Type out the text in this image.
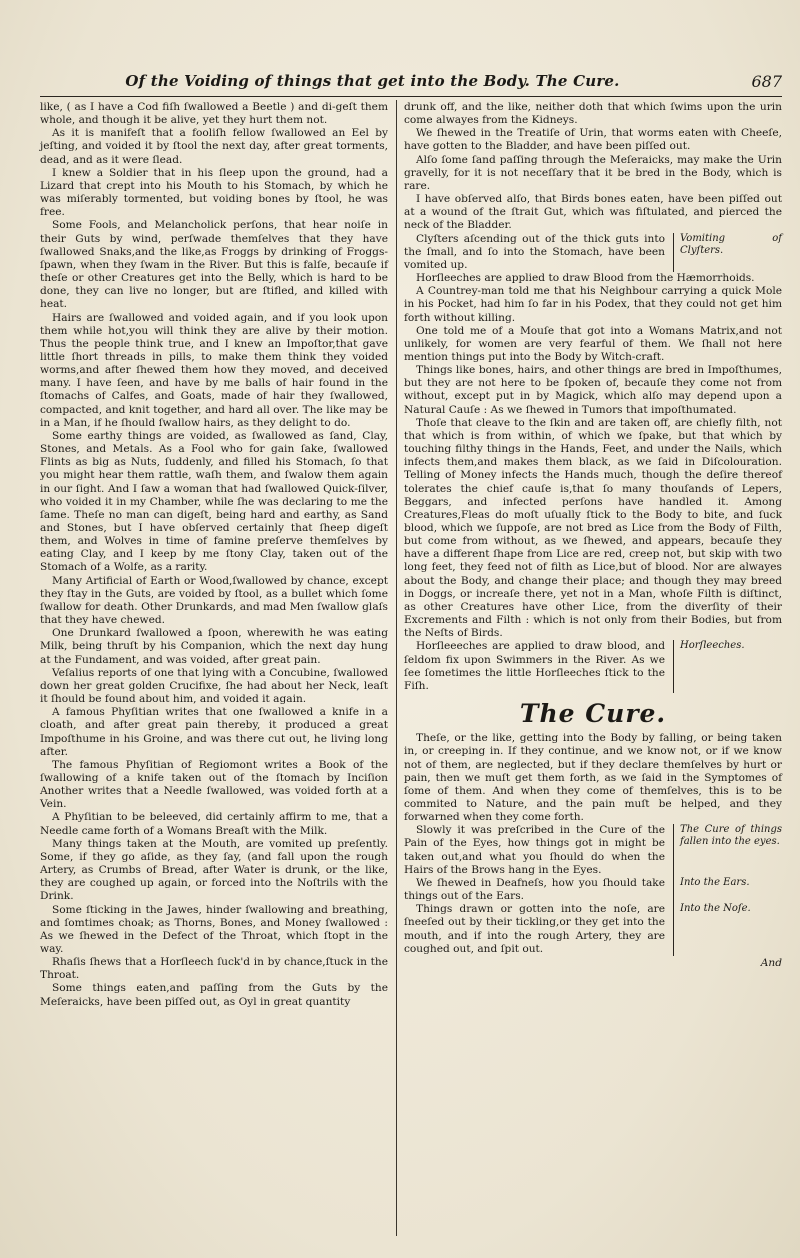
Of the Voiding of things that get into the Body. The Cure.	687

like, ( as I have a Cod fiſh ſwallowed a Beetle ) and di-geſt them whole, and though it be alive, yet they hurt them not.

As it is manifeſt that a fooliſh fellow ſwallowed an Eel by jeſting, and voided it by ſtool the next day, after great torments, dead, and as it were ſlead.

I knew a Soldier that in his ſleep upon the ground, had a Lizard that crept into his Mouth to his Stomach, by which he was miſerably tormented, but voiding bones by ſtool, he was free.

Some Fools, and Melancholick perſons, that hear noiſe in their Guts by wind, perſwade themſelves that they have ſwallowed Snaks,and the like,as Froggs by drinking of Froggs-ſpawn, when they ſwam in the River. But this is falſe, becauſe if theſe or other Creatures get into the Belly, which is hard to be done, they can live no longer, but are ſtifled, and killed with heat.

Hairs are ſwallowed and voided again, and if you look upon them while hot,you will think they are alive by their motion. Thus the people think true, and I knew an Impoſtor,that gave little ſhort threads in pills, to make them think they voided worms,and after ſhewed them how they moved, and deceived many. I have ſeen, and have by me balls of hair found in the ſtomachs of Calfes, and Goats, made of hair they ſwallowed, compacted, and knit together, and hard all over. The like may be in a Man, if he ſhould ſwallow hairs, as they delight to do.

Some earthy things are voided, as ſwallowed as ſand, Clay, Stones, and Metals. As a Fool who for gain ſake, ſwallowed Flints as big as Nuts, ſuddenly, and filled his Stomach, ſo that you might hear them rattle, waſh them, and ſwalow them again in our ſight. And I ſaw a woman that had ſwallowed Quick-ſilver, who voided it in my Chamber, while ſhe was declaring to me the ſame. Theſe no man can digeſt, being hard and earthy, as Sand and Stones, but I have obſerved certainly that ſheep digeſt them, and Wolves in time of famine preſerve themſelves by eating Clay, and I keep by me ſtony Clay, taken out of the Stomach of a Wolfe, as a rarity.

Many Artificial of Earth or Wood,ſwallowed by chance, except they ſtay in the Guts, are voided by ſtool, as a bullet which ſome ſwallow for death. Other Drunkards, and mad Men ſwallow glaſs that they have chewed.

One Drunkard ſwallowed a ſpoon, wherewith he was eating Milk, being thruſt by his Companion, which the next day hung at the Fundament, and was voided, after great pain.

Veſalius reports of one that lying with a Concubine, ſwallowed down her great golden Crucifixe, ſhe had about her Neck, leaſt it ſhould be found about him, and voided it again.

A famous Phyſitian writes that one ſwallowed a knife in a cloath, and after great pain thereby, it produced a great Impoſthume in his Groine, and was there cut out, he living long after.

The famous Phyſitian of Regiomont writes a Book of the ſwallowing of a knife taken out of the ſtomach by Inciſion Another writes that a Needle ſwallowed, was voided forth at a Vein.

A Phyſitian to be beleeved, did certainly affirm to me, that a Needle came forth of a Womans Breaſt with the Milk.

Many things taken at the Mouth, are vomited up preſently. Some, if they go aſide, as they ſay, (and fall upon the rough Artery, as Crumbs of Bread, after Water is drunk, or the like, they are coughed up again, or forced into the Noſtrils with the Drink.

Some ſticking in the Jawes, hinder ſwallowing and breathing, and ſomtimes choak; as Thorns, Bones, and Money ſwallowed : As we ſhewed in the Defect of the Throat, which ſtopt in the way.

Rhaſis ſhews that a Horſleech ſuck'd in by chance,ſtuck in the Throat.

Some things eaten,and paſſing from the Guts by the Meſeraicks, have been piſſed out, as Oyl in great quantity

drunk off, and the like, neither doth that which ſwims upon the urin come alwayes from the Kidneys.

We ſhewed in the Treatiſe of Urin, that worms eaten with Cheeſe, have gotten to the Bladder, and have been piſſed out.

Alſo ſome ſand paſſing through the Meſeraicks, may make the Urin gravelly, for it is not neceſſary that it be bred in the Body, which is rare.

I have obſerved alſo, that Birds bones eaten, have been piſſed out at a wound of the ſtrait Gut, which was fiſtulated, and pierced the neck of the Bladder.

Clyſters aſcending out of the thick guts into the ſmall, and ſo into the Stomach, have been vomited up.

Vomiting of Clyſters.

Horſleeches are applied to draw Blood from the Hæmorrhoids.

A Countrey-man told me that his Neighbour carrying a quick Mole in his Pocket, had him ſo far in his Podex, that they could not get him forth without killing.

One told me of a Mouſe that got into a Womans Matrix,and not unlikely, for women are very fearful of them. We ſhall not here mention things put into the Body by Witch-craft.

Things like bones, hairs, and other things are bred in Impoſthumes, but they are not here to be ſpoken of, becauſe they come not from without, except put in by Magick, which alſo may depend upon a Natural Cauſe : As we ſhewed in Tumors that impoſthumated.

Thoſe that cleave to the ſkin and are taken off, are chiefly filth, not that which is from within, of which we ſpake, but that which by touching filthy things in the Hands, Feet, and under the Nails, which infects them,and makes them black, as we ſaid in Diſcolouration. Telling of Money infects the Hands much, though the deſire thereof tolerates the chief cauſe is,that ſo many thouſands of Lepers, Beggars, and infected perſons have handled it. Among Creatures,Fleas do moſt uſually ſtick to the Body to bite, and ſuck blood, which we ſuppoſe, are not bred as Lice from the Body of Filth, but come from without, as we ſhewed, and appears, becauſe they have a different ſhape from Lice are red, creep not, but skip with two long feet, they feed not of filth as Lice,but of blood. Nor are alwayes about the Body, and change their place; and though they may breed in Doggs, or increaſe there, yet not in a Man, whoſe Filth is diſtinct, as other Creatures have other Lice, from the diverſity of their Excrements and Filth : which is not only from their Bodies, but from the Neſts of Birds.

Horſleeeches are applied to draw blood, and ſeldom fix upon Swimmers in the River. As we ſee ſometimes the little Horſleeches ſtick to the Fiſh.

Horſleeches.
The Cure.

Theſe, or the like, getting into the Body by falling, or being taken in, or creeping in. If they continue, and we know not, or if we know not of them, are neglected, but if they declare themſelves by hurt or pain, then we muſt get them forth, as we ſaid in the Symptomes of ſome of them. And when they come of themſelves, this is to be commited to Nature, and the pain muſt be helped, and they forwarned when they come forth.

Slowly it was preſcribed in the Cure of the Pain of the Eyes, how things got in might be taken out,and what you ſhould do when the Hairs of the Brows hang in the Eyes.

The Cure of things fallen into the eyes.

We ſhewed in Deafneſs, how you ſhould take things out of the Ears.

Into the Ears.

Things drawn or gotten into the noſe, are ſneeſed out by their tickling,or they get into the mouth, and if into the rough Artery, they are coughed out, and ſpit out.

Into the Noſe.
And
